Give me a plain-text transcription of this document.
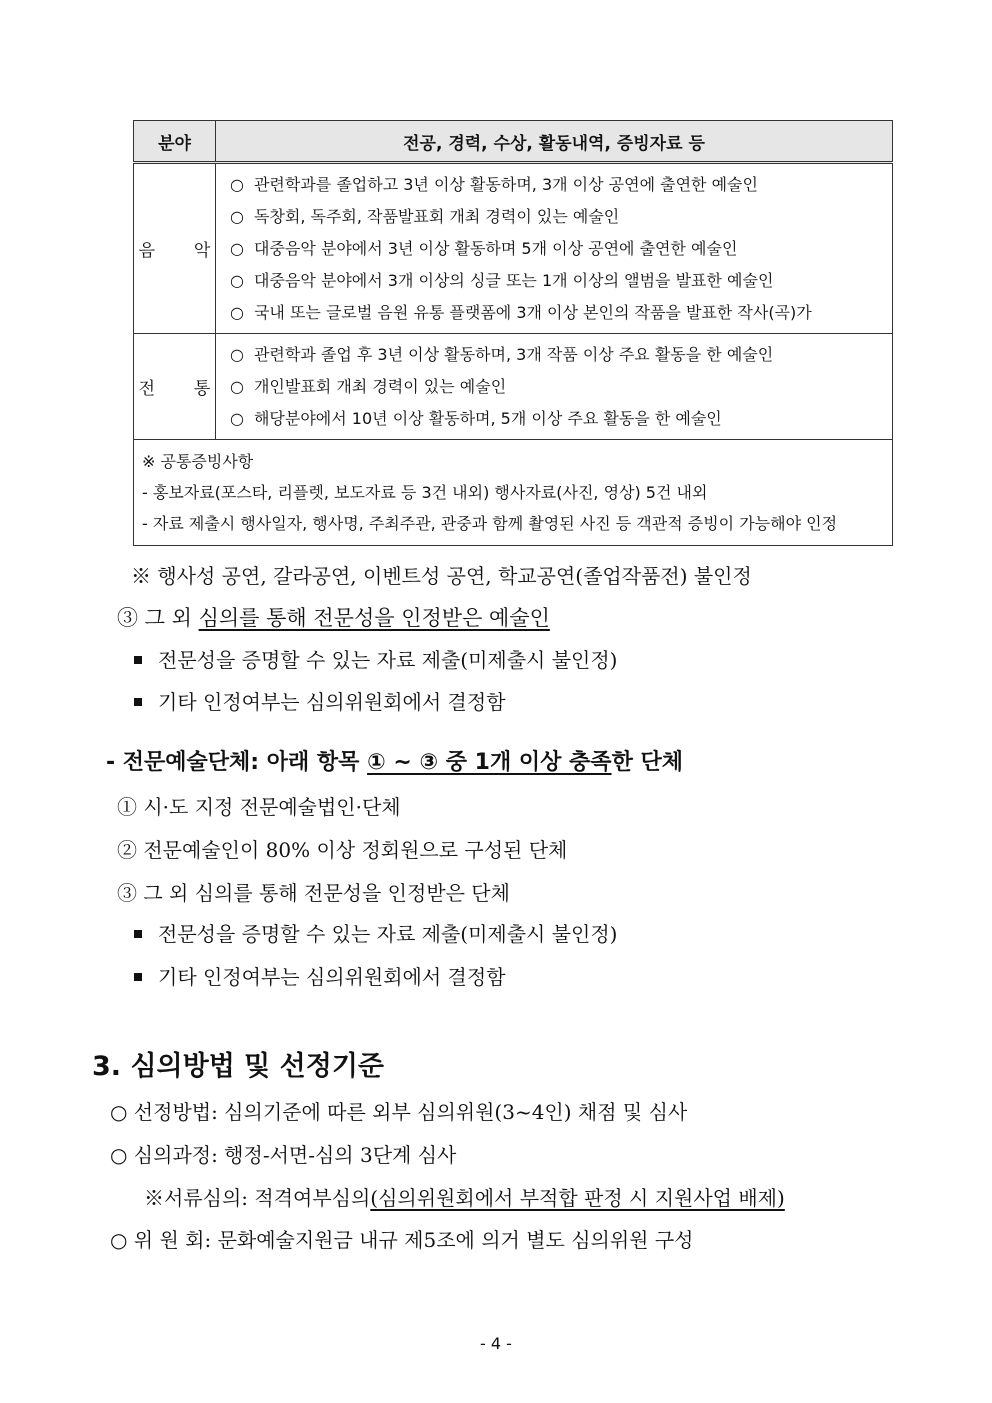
분야	전공, 경력, 수상, 활동내역, 증빙자료 등
음 악	○ 관련학과를 졸업하고 3년 이상 활동하며, 3개 이상 공연에 출연한 예술인
○ 독창회, 독주회, 작품발표회 개최 경력이 있는 예술인
○ 대중음악 분야에서 3년 이상 활동하며 5개 이상 공연에 출연한 예술인
○ 대중음악 분야에서 3개 이상의 싱글 또는 1개 이상의 앨범을 발표한 예술인
○ 국내 또는 글로벌 음원 유통 플랫폼에 3개 이상 본인의 작품을 발표한 작사(곡)가

전 통	○ 관련학과 졸업 후 3년 이상 활동하며, 3개 작품 이상 주요 활동을 한 예술인
○ 개인발표회 개최 경력이 있는 예술인
○ 해당분야에서 10년 이상 활동하며, 5개 이상 주요 활동을 한 예술인

※ 공통증빙사항
- 홍보자료(포스타, 리플렛, 보도자료 등 3건 내외) 행사자료(사진, 영상) 5건 내외
- 자료 제출시 행사일자, 행사명, 주최주관, 관중과 함께 촬영된 사진 등 객관적 증빙이 가능해야 인정	
※ 행사성 공연, 갈라공연, 이벤트성 공연, 학교공연(졸업작품전) 불인정
③ 그 외 심의를 통해 전문성을 인정받은 예술인
전문성을 증명할 수 있는 자료 제출(미제출시 불인정)
기타 인정여부는 심의위원회에서 결정함
- 전문예술단체: 아래 항목 ① ~ ③ 중 1개 이상 충족한 단체
① 시·도 지정 전문예술법인·단체
② 전문예술인이 80% 이상 정회원으로 구성된 단체
③ 그 외 심의를 통해 전문성을 인정받은 단체
전문성을 증명할 수 있는 자료 제출(미제출시 불인정)
기타 인정여부는 심의위원회에서 결정함
3. 심의방법 및 선정기준
○ 선정방법: 심의기준에 따른 외부 심의위원(3~4인) 채점 및 심사
○ 심의과정: 행정-서면-심의 3단계 심사
※서류심의: 적격여부심의(심의위원회에서 부적합 판정 시 지원사업 배제)
○ 위 원 회: 문화예술지원금 내규 제5조에 의거 별도 심의위원 구성
- 4 -
